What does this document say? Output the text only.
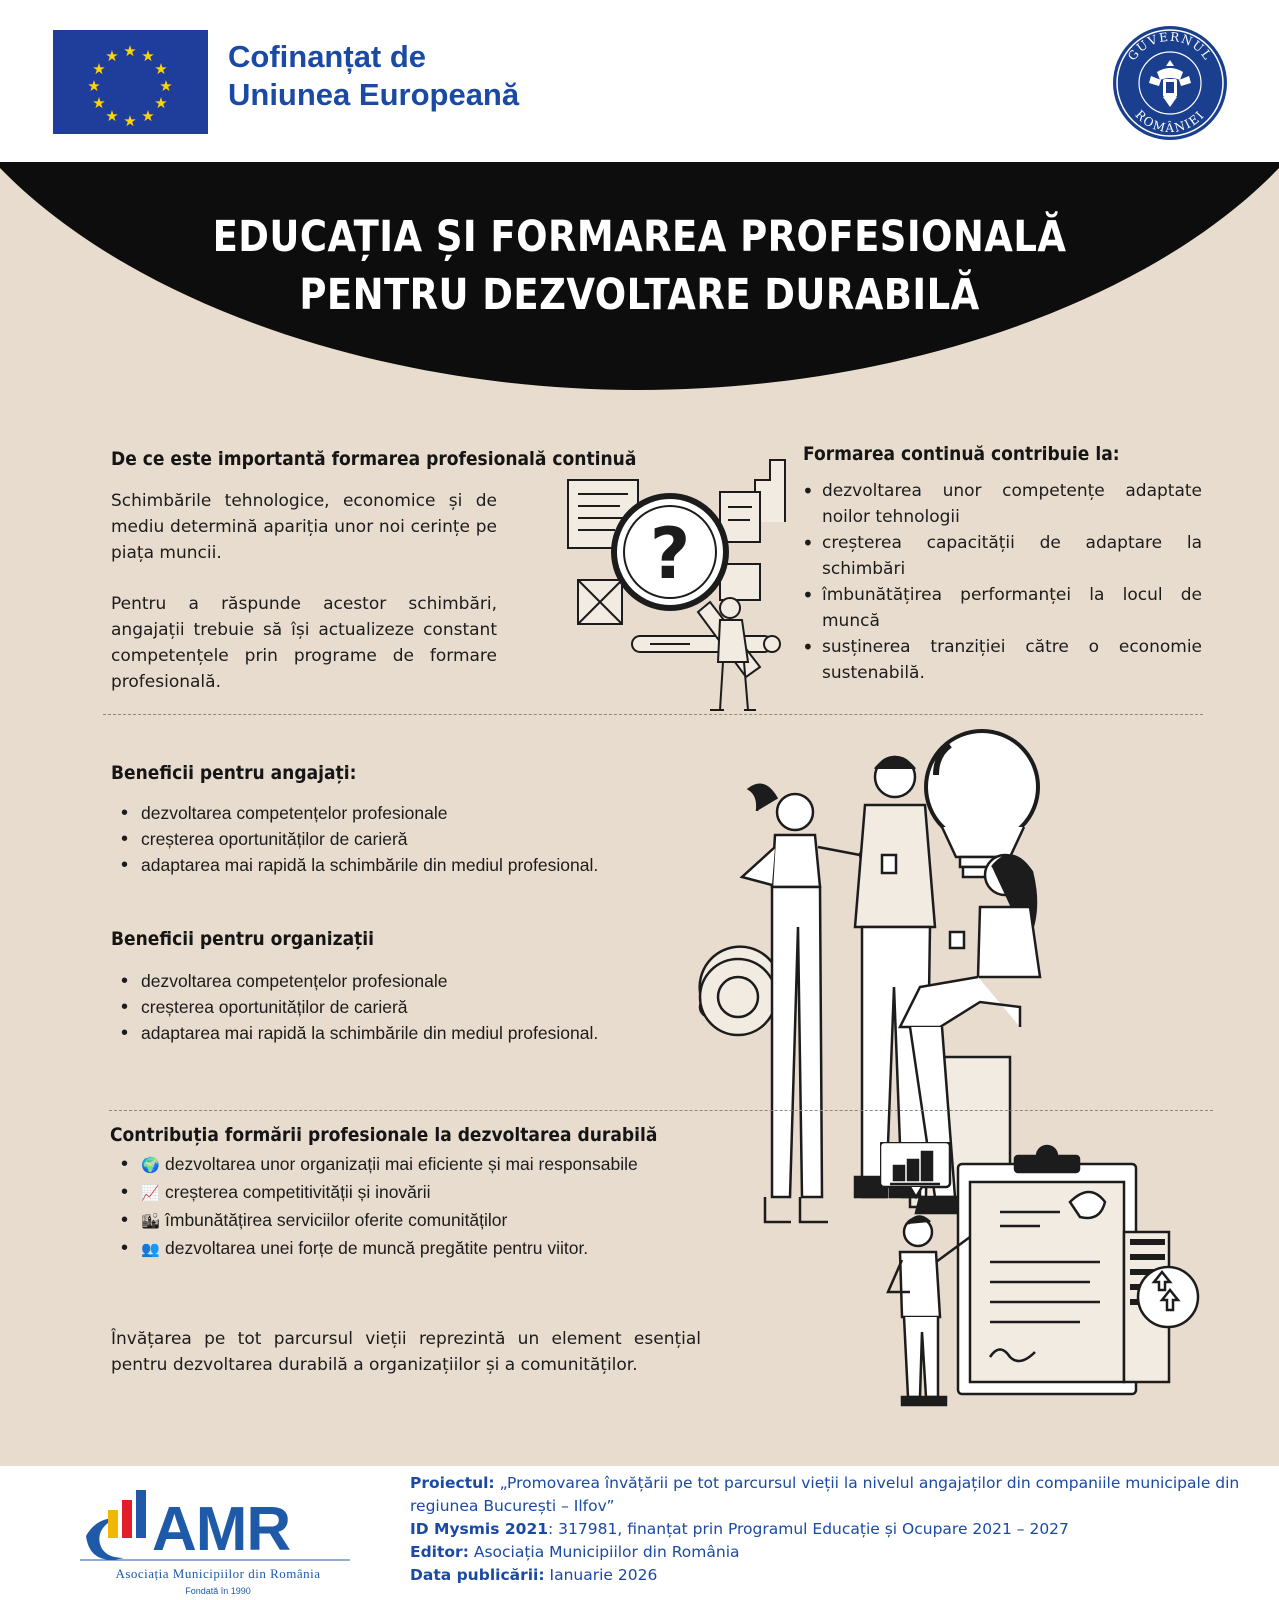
★ ★
★
★
★
★
★
★
★
★
★
★	Cofinanțat de
Uniunea Europeană
GUVERNUL
ROMÂNIEI
EDUCAȚIA ȘI FORMAREA PROFESIONALĂ
PENTRU DEZVOLTARE DURABILĂ
De ce este importantă formarea profesională continuă
Schimbările tehnologice, economice și de mediu determină apariția unor noi cerințe pe piața muncii.
Pentru a răspunde acestor schimbări, angajații trebuie să își actualizeze constant competențele prin programe de formare profesională.
?
Formarea continuă contribuie la:
• dezvoltarea unor competențe adaptate noilor tehnologii
• creșterea capacității de adaptare la schimbări
• îmbunătățirea performanței la locul de muncă
• susținerea tranziției către o economie sustenabilă.
Beneficii pentru angajați:
• dezvoltarea competențelor profesionale
• creșterea oportunităților de carieră
• adaptarea mai rapidă la schimbările din mediul profesional.
Beneficii pentru organizații
• dezvoltarea competențelor profesionale
• creșterea oportunităților de carieră
• adaptarea mai rapidă la schimbările din mediul profesional.
Contribuția formării profesionale la dezvoltarea durabilă
• 🌍 dezvoltarea unor organizații mai eficiente și mai responsabile
• 📈 creșterea competitivității și inovării
• 🏙 îmbunătățirea serviciilor oferite comunităților
• 👥 dezvoltarea unei forțe de muncă pregătite pentru viitor.
Învățarea pe tot parcursul vieții reprezintă un element esențial pentru dezvoltarea durabilă a organizațiilor și a comunităților.
AMR
Asociația Municipiilor din România
Fondată în 1990
Proiectul: „Promovarea învățării pe tot parcursul vieții la nivelul angajaților din companiile municipale din regiunea București – Ilfov”
ID Mysmis 2021: 317981, finanțat prin Programul Educație și Ocupare 2021 – 2027
Editor: Asociația Municipiilor din România
Data publicării: Ianuarie 2026
